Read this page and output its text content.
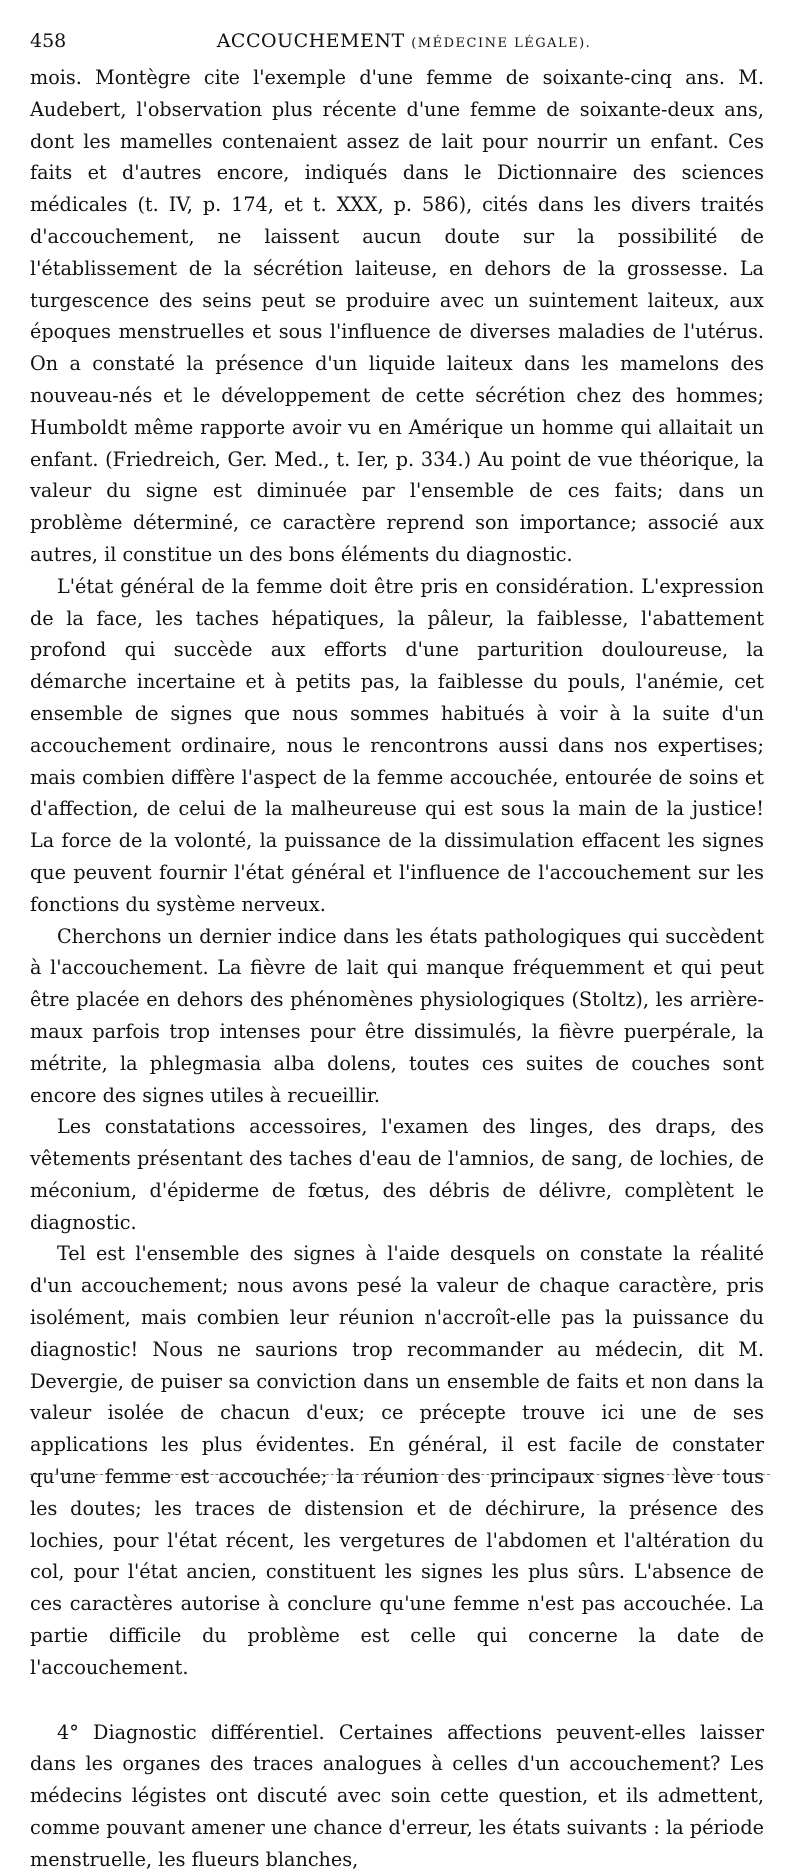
458	ACCOUCHEMENT (MÉDECINE LÉGALE).

mois. Montègre cite l'exemple d'une femme de soixante-cinq ans. M. Audebert, l'observation plus récente d'une femme de soixante-deux ans, dont les mamelles contenaient assez de lait pour nourrir un enfant. Ces faits et d'autres encore, indiqués dans le Dictionnaire des sciences médicales (t. IV, p. 174, et t. XXX, p. 586), cités dans les divers traités d'accouchement, ne laissent aucun doute sur la possibilité de l'établissement de la sécrétion laiteuse, en dehors de la grossesse. La turgescence des seins peut se produire avec un suintement laiteux, aux époques menstruelles et sous l'influence de diverses maladies de l'utérus. On a constaté la présence d'un liquide laiteux dans les mamelons des nouveau-nés et le développement de cette sécrétion chez des hommes; Humboldt même rapporte avoir vu en Amérique un homme qui allaitait un enfant. (Friedreich, Ger. Med., t. Ier, p. 334.) Au point de vue théorique, la valeur du signe est diminuée par l'ensemble de ces faits; dans un problème déterminé, ce caractère reprend son importance; associé aux autres, il constitue un des bons éléments du diagnostic.

L'état général de la femme doit être pris en considération. L'expression de la face, les taches hépatiques, la pâleur, la faiblesse, l'abattement profond qui succède aux efforts d'une parturition douloureuse, la démarche incertaine et à petits pas, la faiblesse du pouls, l'anémie, cet ensemble de signes que nous sommes habitués à voir à la suite d'un accouchement ordinaire, nous le rencontrons aussi dans nos expertises; mais combien diffère l'aspect de la femme accouchée, entourée de soins et d'affection, de celui de la malheureuse qui est sous la main de la justice! La force de la volonté, la puissance de la dissimulation effacent les signes que peuvent fournir l'état général et l'influence de l'accouchement sur les fonctions du système nerveux.

Cherchons un dernier indice dans les états pathologiques qui succèdent à l'accouchement. La fièvre de lait qui manque fréquemment et qui peut être placée en dehors des phénomènes physiologiques (Stoltz), les arrière-maux parfois trop intenses pour être dissimulés, la fièvre puerpérale, la métrite, la phlegmasia alba dolens, toutes ces suites de couches sont encore des signes utiles à recueillir.

Les constatations accessoires, l'examen des linges, des draps, des vêtements présentant des taches d'eau de l'amnios, de sang, de lochies, de méconium, d'épiderme de fœtus, des débris de délivre, complètent le diagnostic.

Tel est l'ensemble des signes à l'aide desquels on constate la réalité d'un accouchement; nous avons pesé la valeur de chaque caractère, pris isolément, mais combien leur réunion n'accroît-elle pas la puissance du diagnostic! Nous ne saurions trop recommander au médecin, dit M. Devergie, de puiser sa conviction dans un ensemble de faits et non dans la valeur isolée de chacun d'eux; ce précepte trouve ici une de ses applications les plus évidentes. En général, il est facile de constater qu'une femme est accouchée; la réunion des principaux signes lève tous les doutes; les traces de distension et de déchirure, la présence des lochies, pour l'état récent, les vergetures de l'abdomen et l'altération du col, pour l'état ancien, constituent les signes les plus sûrs. L'absence de ces caractères autorise à conclure qu'une femme n'est pas accouchée. La partie difficile du problème est celle qui concerne la date de l'accouchement.

4° Diagnostic différentiel. Certaines affections peuvent-elles laisser dans les organes des traces analogues à celles d'un accouchement? Les médecins légistes ont discuté avec soin cette question, et ils admettent, comme pouvant amener une chance d'erreur, les états suivants : la période menstruelle, les flueurs blanches,
